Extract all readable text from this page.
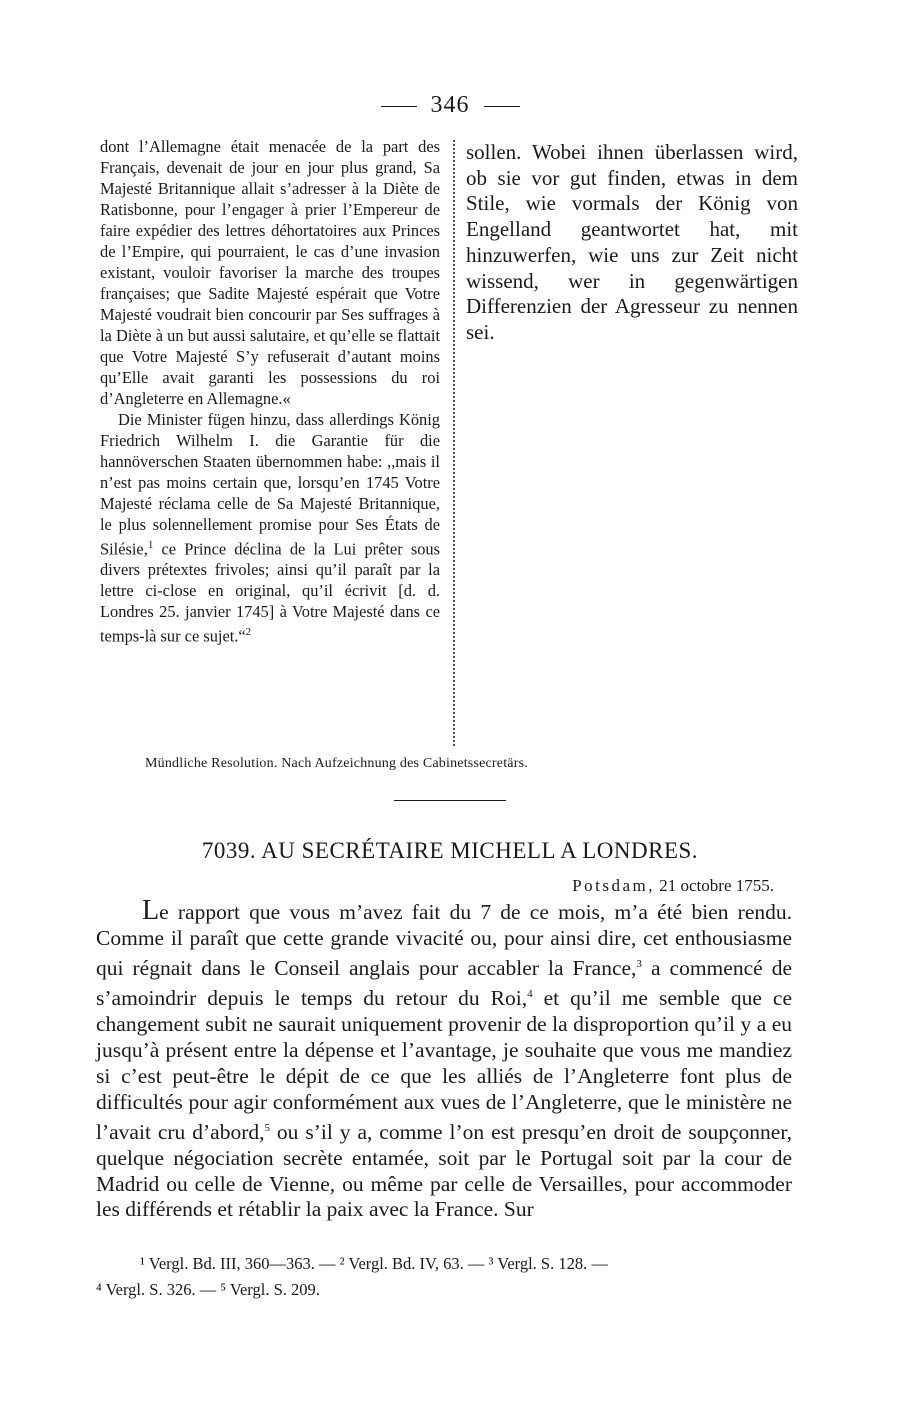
346

dont l’Allemagne était menacée de la part des Français, devenait de jour en jour plus grand, Sa Majesté Britannique allait s’adresser à la Diète de Ratisbonne, pour l’engager à prier l’Empereur de faire expédier des lettres déhortatoires aux Princes de l’Empire, qui pourraient, le cas d’une invasion existant, vouloir favoriser la marche des troupes françaises; que Sadite Majesté espérait que Votre Majesté voudrait bien concourir par Ses suffrages à la Diète à un but aussi salutaire, et qu’elle se flattait que Votre Majesté S’y refuserait d’autant moins qu’Elle avait garanti les possessions du roi d’Angleterre en Allemagne.«

Die Minister fügen hinzu, dass allerdings König Friedrich Wilhelm I. die Garantie für die hannöverschen Staaten übernommen habe: ,,mais il n’est pas moins certain que, lorsqu’en 1745 Votre Majesté réclama celle de Sa Majesté Britannique, le plus solennellement promise pour Ses États de Silésie,$^1$ ce Prince déclina de la Lui prêter sous divers prétextes frivoles; ainsi qu’il paraît par la lettre ci-close en original, qu’il écrivit [d. d. Londres 25. janvier 1745] à Votre Majesté dans ce temps-là sur ce sujet.“$^2$

sollen. Wobei ihnen überlassen wird, ob sie vor gut finden, etwas in dem Stile, wie vormals der König von Engelland geantwortet hat, mit hinzuwerfen, wie uns zur Zeit nicht wissend, wer in gegenwärtigen Differenzien der Agresseur zu nennen sei.

Mündliche Resolution. Nach Aufzeichnung des Cabinetssecretärs.
7039. AU SECRÉTAIRE MICHELL A LONDRES.
Potsdam, 21 octobre 1755.

Le rapport que vous m’avez fait du 7 de ce mois, m’a été bien rendu. Comme il paraît que cette grande vivacité ou, pour ainsi dire, cet enthousiasme qui régnait dans le Conseil anglais pour accabler la France,$^3$ a commencé de s’amoindrir depuis le temps du retour du Roi,$^4$ et qu’il me semble que ce changement subit ne saurait uniquement provenir de la disproportion qu’il y a eu jusqu’à présent entre la dépense et l’avantage, je souhaite que vous me mandiez si c’est peut-être le dépit de ce que les alliés de l’Angleterre font plus de difficultés pour agir conformément aux vues de l’Angleterre, que le ministère ne l’avait cru d’abord,$^5$ ou s’il y a, comme l’on est presqu’en droit de soupçonner, quelque négociation secrète entamée, soit par le Portugal soit par la cour de Madrid ou celle de Vienne, ou même par celle de Versailles, pour accommoder les différends et rétablir la paix avec la France. Sur

¹ Vergl. Bd. III, 360—363. — ² Vergl. Bd. IV, 63. — ³ Vergl. S. 128. —
⁴ Vergl. S. 326. — ⁵ Vergl. S. 209.
